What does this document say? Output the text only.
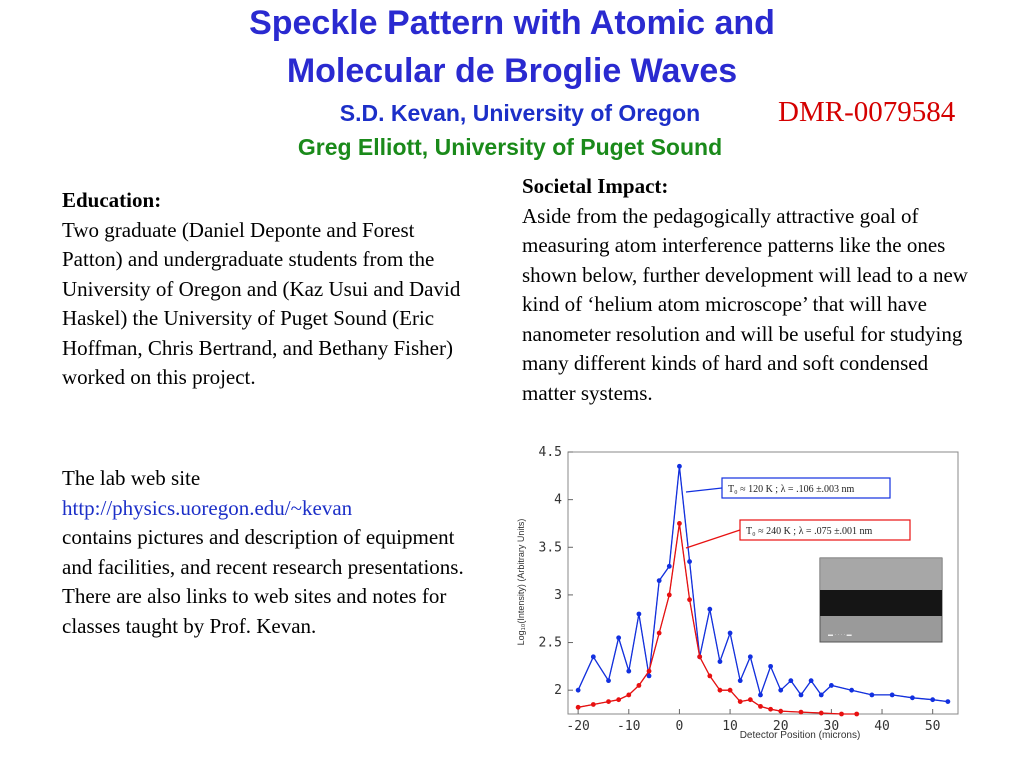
Speckle Pattern with Atomic and
Molecular de Broglie Waves
S.D. Kevan, University of Oregon
Greg Elliott, University of Puget Sound
DMR-0079584
Education:
Two graduate (Daniel Deponte and Forest Patton) and undergraduate students from the University of Oregon and (Kaz Usui and David Haskel) the University of Puget Sound (Eric Hoffman, Chris Bertrand, and Bethany Fisher) worked on this project.
The lab web site
http://physics.uoregon.edu/~kevan
contains pictures and description of equipment and facilities, and recent research presentations. There are also links to web sites and notes for classes taught by Prof. Kevan.
Societal Impact:
Aside from the pedagogically attractive goal of measuring atom interference patterns like the ones shown below, further development will lead to a new kind of ‘helium atom microscope’ that will have nanometer resolution and will be useful for studying many different kinds of hard and soft condensed matter systems.
-20 -10	0	10	20	30	40	50
2
2.5
3
3.5
4
4.5
T₀ ≈ 120 K ; λ = .106 ±.003 nm
T₀ ≈ 240 K ; λ = .075 ±.001 nm
▬ · · · · ▬
Detector Position (microns)
Log₁₀(Intensity) (Arbitrary Units)
